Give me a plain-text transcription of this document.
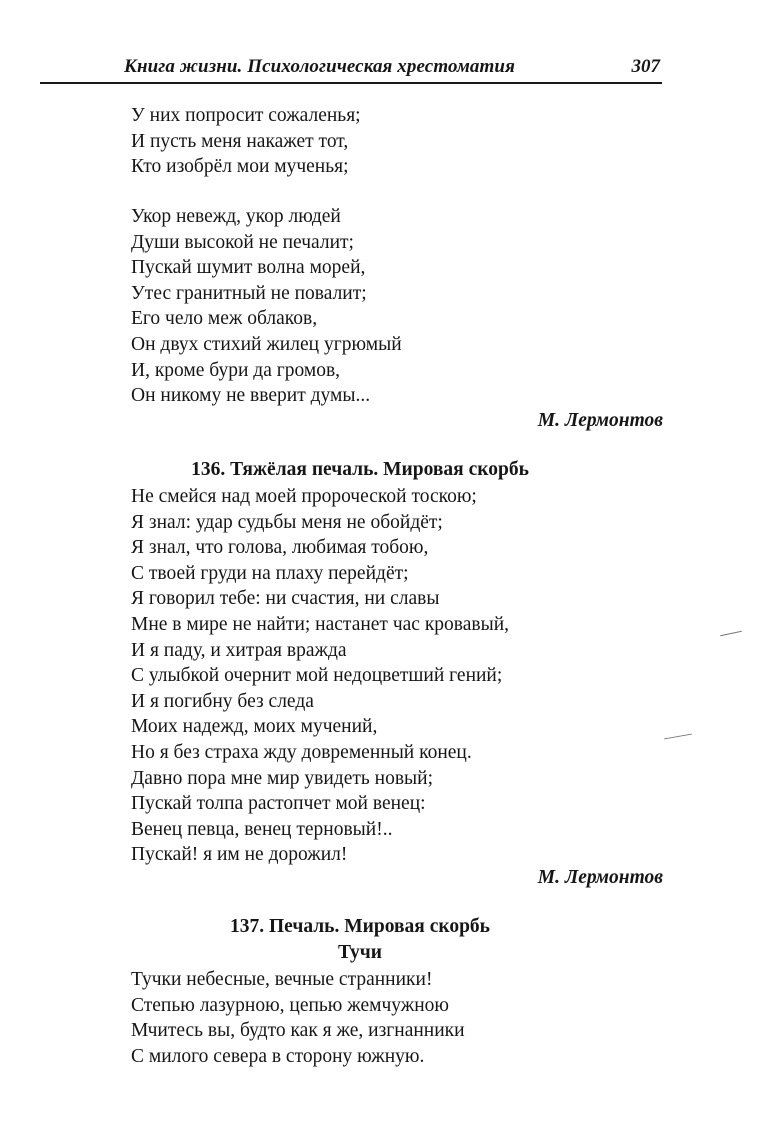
Книга жизни. Психологическая хрестоматия	307
У них попросит сожаленья;
И пусть меня накажет тот,
Кто изобрёл мои мученья;
Укор невежд, укор людей
Души высокой не печалит;
Пускай шумит волна морей,
Утес гранитный не повалит;
Его чело меж облаков,
Он двух стихий жилец угрюмый
И, кроме бури да громов,
Он никому не вверит думы...
М. Лермонтов
136. Тяжёлая печаль. Мировая скорбь
Не смейся над моей пророческой тоскою;
Я знал: удар судьбы меня не обойдёт;
Я знал, что голова, любимая тобою,
С твоей груди на плаху перейдёт;
Я говорил тебе: ни счастия, ни славы
Мне в мире не найти; настанет час кровавый,
И я паду, и хитрая вражда
С улыбкой очернит мой недоцветший гений;
И я погибну без следа
Моих надежд, моих мучений,
Но я без страха жду довременный конец.
Давно пора мне мир увидеть новый;
Пускай толпа растопчет мой венец:
Венец певца, венец терновый!..
Пускай! я им не дорожил!
М. Лермонтов
137. Печаль. Мировая скорбь
Тучи
Тучки небесные, вечные странники!
Степью лазурною, цепью жемчужною
Мчитесь вы, будто как я же, изгнанники
С милого севера в сторону южную.
